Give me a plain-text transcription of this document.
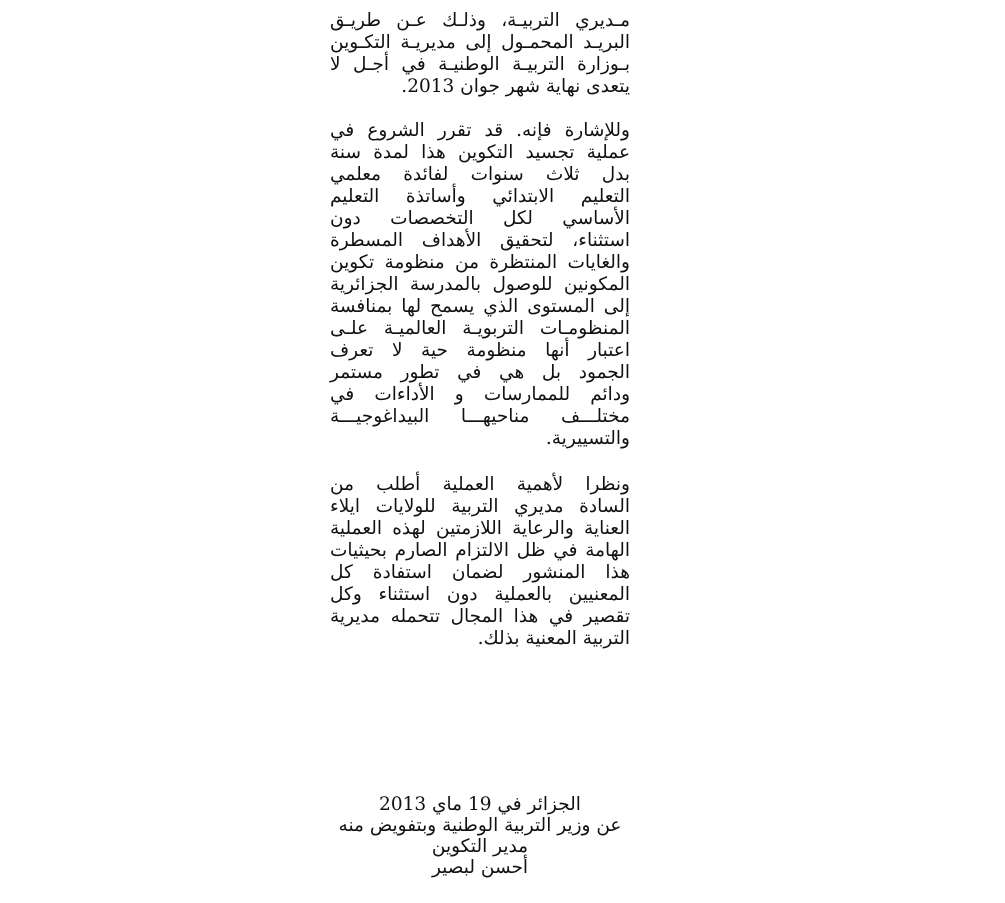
مـديري التربيـة، وذلـك عـن طريـق
البريـد المحمـول إلى مديريـة التكـوين
بـوزارة التربيـة الوطنيـة في أجـل لا
يتعدى نهاية شهر جوان 2013.

وللإشارة فإنه. قد تقرر الشروع في
عملية تجسيد التكوين هذا لمدة سنة
بدل ثلاث سنوات لفائدة معلمي
التعليم الابتدائي وأساتذة التعليم
الأساسي لكل التخصصات دون
استثناء، لتحقيق الأهداف المسطرة
والغايات المنتظرة من منظومة تكوين
المكونين للوصول بالمدرسة الجزائرية
إلى المستوى الذي يسمح لها بمنافسة
المنظومـات التربويـة العالميـة علـى
اعتبار أنها منظومة حية لا تعرف
الجمود بل هي في تطور مستمر
ودائم للممارسات و الأداءات في
مختلـــف مناحيهـــا البيداغوجيـــة
والتسييرية.

ونظرا لأهمية العملية أطلب من
السادة مديري التربية للولايات ايلاء
العناية والرعاية اللازمتين لهذه العملية
الهامة في ظل الالتزام الصارم بحيثيات
هذا المنشور لضمان استفادة كل
المعنيين بالعملية دون استثناء وكل
تقصير في هذا المجال تتحمله مديرية
التربية المعنية بذلك.

الجزائر في 19 ماي 2013
عن وزير التربية الوطنية وبتفويض منه
مدير التكوين
أحسن لبصير
